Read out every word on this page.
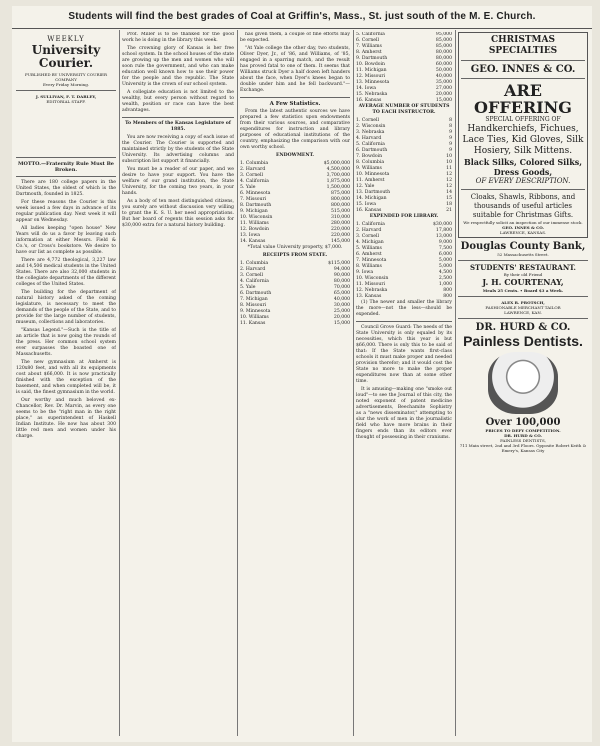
Students will find the best grades of Coal at Griffin's, Mass., St. just south of the M. E. Church.
WEEKLY
University Courier.
PUBLISHED BY UNIVERSITY COURIER COMPANY
Every Friday Morning.
J. SULLIVAN, F. T. DARLEY,
EDITORIAL STAFF.
MOTTO.—Fraternity Rule Must Be Broken.

There are 180 college papers in the United States, the oldest of which is the Dartmouth, founded in 1825.

For these reasons the Courier is this week issued a few days in advance of its regular publication day. Next week it will appear on Wednesday.

All ladies keeping "open house" New Years will do us a favor by leaving such information at either Messrs. Field & Co.'s, or Cross's bookstore. We desire to have our list as complete as possible.

There are 4,772 theological, 3,227 law and 14,506 medical students in the United States. There are also 32,000 students in the collegiate departments of the different colleges of the United States.

The building for the department of natural history asked of the coming legislature, is necessary to meet the demands of the people of the State, and to provide for the large number of students, museum, collections and laboratories.

"Kansas Legend."—Such is the title of an article that is now going the rounds of the press. Her common school system ever surpasses the boasted one of Massachusetts.

The new gymnasium at Amherst is 120x80 feet, and with all its equipments cost about $66,000. It is now practically finished with the exception of the basement, and when completed will be, it is said, the finest gymnasium in the world.

Our worthy and much beloved ex-Chancellor, Rev. Dr. Marvin, as every one seems to be the "right man in the right place," as superintendent of Haskell Indian Institute. He now has about 300 little red men and women under his charge.

Prof. Miller is to be thanked for the good work he is doing in the library this week.

The crowning glory of Kansas is her free school system. In the school houses of the state are growing up the men and women who will soon rule the government, and who can make education well known how to use their power for the people and the republic. The State University is the crown of our school system.

A collegiate education is not limited to the wealthy, but every person without regard to wealth, position or race can have the best advantages.

To Members of the Kansas Legislature of 1885.

You are now receiving a copy of each issue of the Courier. The Courier is supported and maintained strictly by the students of the State University. Its advertising columns and subscription list support it financially.

You must be a reader of our paper, and we desire to have your support. You have the welfare of our grand institution, the State University, for the coming two years, in your hands.

As a body of ten most distinguished citizens, you surely are without discussion very willing to grant the K. S. U. her need appropriations. But her board of regents this session asks for $30,000 extra for a natural history building.

has given them, a couple of fine efforts may be expected.

"At Yale college the other day, two students, Oliver Dyer, Jr., of '86, and Williams, of '85, engaged in a sparring match, and the result has proved fatal to one of them. It seems that Williams struck Dyer a half dozen left handers about the face, when Dyer's knees began to double under him and he fell backward."—Exchange.

A Few Statistics.

From the latest authentic sources we have prepared a few statistics upon endowments from their various sources, and comparative expenditures for instruction and library purposes of educational institutions of the country, emphasizing the comparison with our own worthy school.

ENDOWMENT.

1. Columbia	$5,000,000
2. Harvard	4,500,000
3. Cornell	3,700,000
4. California	1,875,000
5. Yale	1,500,000
6. Minnesota	875,000
7. Missouri	800,000
8. Dartmouth	800,000
9. Michigan	515,000
10. Wisconsin	310,000
11. Williams	280,000
12. Bowdoin	220,000
13. Iowa	220,000
14. Kansas	145,000

*Total value University property, $7,000.

RECEIPTS FROM STATE.

1. Columbia	$115,000
2. Harvard	94,000
3. Cornell	90,000
4. California	80,000
5. Yale	70,000
6. Dartmouth	65,000
7. Michigan	40,000
8. Missouri	30,000
9. Minnesota	25,000
10. Williams	20,000
11. Kansas	15,000
5. California	95,000
6. Cornell	85,000
7. Williams	85,000
8. Amherst	80,000
9. Dartmouth	80,000
10. Bowdoin	60,000
11. Michigan	50,000
12. Missouri	40,000
13. Minnesota	35,000
14. Iowa	27,000
15. Nebraska	20,000
16. Kansas	15,000

AVERAGE NUMBER OF STUDENTS TO EACH INSTRUCTOR.

1. Cornell	8
2. Wisconsin	8
3. Nebraska	9
4. Harvard	9
5. California	9
6. Dartmouth	9
7. Bowdoin	10
8. Columbia	10
9. Williams	11
10. Minnesota	12
11. Amherst	12
12. Yale	12
13. Dartmouth	14
14. Michigan	15
15. Iowa	18
16. Kansas	21

EXPENDED FOR LIBRARY.

1. California	$30,000
2. Harvard	17,800
3. Cornell	13,000
4. Michigan	9,000
5. Williams	7,500
6. Amherst	6,000
7. Minnesota	5,000
8. Williams	5,000
9. Iowa	4,500
10. Wisconsin	2,500
11. Missouri	1,000
12. Nebraska	800
13. Kansas	800

(1) The newer and smaller the library the more—not the less—should be expended.

Council Grove Guard: The needs of the State University is only equaled by its necessities, which this year is but $66,000. There is only this to be said of that: If the State wants first-class schools it must make proper and needed provision therefor; and it would cost the State no more to make the proper expenditures now than at some other time.

It is amusing—making one "smoke out loud"—to see the Journal of this city, the noted exponent of patent medicine advertisements, Beechamite Sophistry as a "news disseminator," attempting to slur the work of men in the journalistic field who have more brains in their fingers ends than its editors ever thought of possessing in their craniums.

CHRISTMAS SPECIALTIES
GEO. INNES & CO.
ARE OFFERING
SPECIAL OFFERING OF
Handkerchiefs, Fichues, Lace Ties, Kid Gloves, Silk Hosiery, Silk Mittens.
Black Silks, Colored Silks, Dress Goods,
OF EVERY DESCRIPTION.
Cloaks, Shawls, Ribbons, and thousands of useful articles suitable for Christmas Gifts.
We respectfully solicit an inspection of our immense stock.
GEO. INNES & CO.
LAWRENCE, KANSAS.
Douglas County Bank,
52 Massachusetts Street.
STUDENTS' RESTAURANT.
By their old Friend
J. H. COURTENAY,
Meals 25 Cents. • Board $3 a Week.
ALEX R. PROTSCH,
FASHIONABLE MERCHANT TAILOR
LAWRENCE, KAN.
DR. HURD & CO.
Painless Dentists.
Over 100,000
PRICES TO DEFY COMPETITION.
DR. HURD & CO.
PAINLESS DENTISTS,
711 Main street, 2nd and 3rd Floors. Opposite Robert Keith & Emery's, Kansas City
